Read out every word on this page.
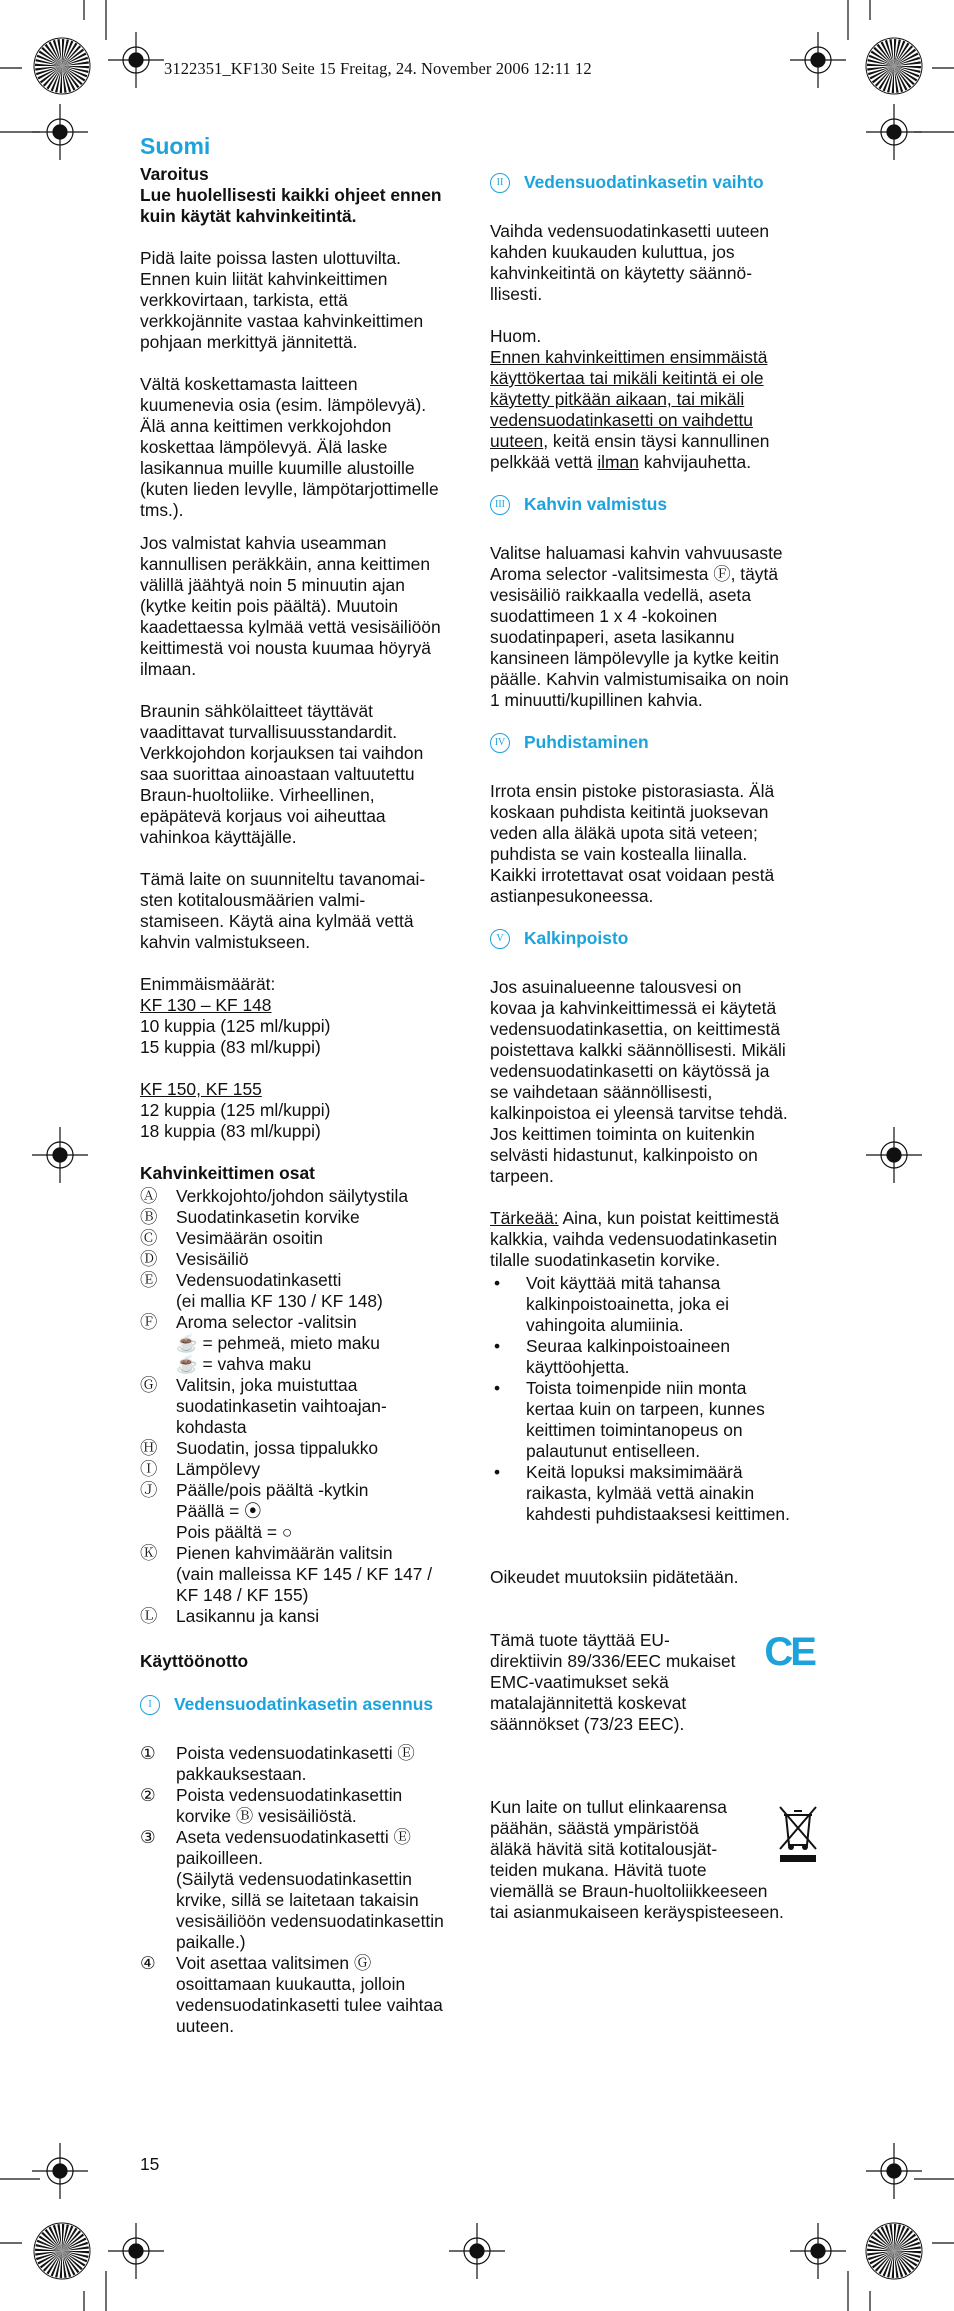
3122351_KF130 Seite 15 Freitag, 24. November 2006 12:11 12
Suomi
Varoitus
Lue huolellisesti kaikki ohjeet ennen
kuin käytät kahvinkeitintä.
Pidä laite poissa lasten ulottuvilta.
Ennen kuin liität kahvinkeittimen
verkkovirtaan, tarkista, että
verkkojännite vastaa kahvinkeittimen
pohjaan merkittyä jännitettä.
Vältä koskettamasta laitteen
kuumenevia osia (esim. lämpölevyä).
Älä anna keittimen verkkojohdon
koskettaa lämpölevyä. Älä laske
lasikannua muille kuumille alustoille
(kuten lieden levylle, lämpötarjottimelle
tms.).
Jos valmistat kahvia useamman
kannullisen peräkkäin, anna keittimen
välillä jäähtyä noin 5 minuutin ajan
(kytke keitin pois päältä). Muutoin
kaadettaessa kylmää vettä vesisäiliöön
keittimestä voi nousta kuumaa höyryä
ilmaan.
Braunin sähkölaitteet täyttävät
vaadittavat turvallisuusstandardit.
Verkkojohdon korjauksen tai vaihdon
saa suorittaa ainoastaan valtuutettu
Braun-huoltoliike. Virheellinen,
epäpätevä korjaus voi aiheuttaa
vahinkoa käyttäjälle.
Tämä laite on suunniteltu tavanomai-
sten kotitalousmäärien valmi-
stamiseen. Käytä aina kylmää vettä
kahvin valmistukseen.
Enimmäismäärät:
KF 130 – KF 148
10 kuppia (125 ml/kuppi)
15 kuppia (83 ml/kuppi)
KF 150, KF 155
12 kuppia (125 ml/kuppi)
18 kuppia (83 ml/kuppi)
Kahvinkeittimen osat
Ⓐ Verkkojohto/johdon säilytystila
Ⓑ Suodatinkasetin korvike
Ⓒ Vesimäärän osoitin
Ⓓ Vesisäiliö
Ⓔ Vedensuodatinkasetti
(ei mallia KF 130 / KF 148)
Ⓕ Aroma selector -valitsin
☕ = pehmeä, mieto maku
☕ = vahva maku
Ⓖ Valitsin, joka muistuttaa
suodatinkasetin vaihtoajan-
kohdasta
Ⓗ Suodatin, jossa tippalukko
Ⓘ Lämpölevy
Ⓙ Päälle/pois päältä -kytkin
Päällä = ⦿
Pois päältä = ○
Ⓚ Pienen kahvimäärän valitsin
(vain malleissa KF 145 / KF 147 /
KF 148 / KF 155)
Ⓛ Lasikannu ja kansi
Käyttöönotto
I	Vedensuodatinkasetin asennus
①	Poista vedensuodatinkasetti Ⓔ
pakkauksestaan.
②	Poista vedensuodatinkasettin
korvike Ⓑ vesisäiliöstä.
③	Aseta vedensuodatinkasetti Ⓔ
paikoilleen.
(Säilytä vedensuodatinkasettin
krvike, sillä se laitetaan takaisin
vesisäiliöön vedensuodatinkasettin
paikalle.)
④	Voit asettaa valitsimen Ⓖ
osoittamaan kuukautta, jolloin
vedensuodatinkasetti tulee vaihtaa
uuteen.
II	Vedensuodatinkasetin vaihto
Vaihda vedensuodatinkasetti uuteen
kahden kuukauden kuluttua, jos
kahvinkeitintä on käytetty säännö-
llisesti.
Huom.
Ennen kahvinkeittimen ensimmäistä
käyttökertaa tai mikäli keitintä ei ole
käytetty pitkään aikaan, tai mikäli
vedensuodatinkasetti on vaihdettu
uuteen, keitä ensin täysi kannullinen
pelkkää vettä ilman kahvijauhetta.
III Kahvin valmistus
Valitse haluamasi kahvin vahvuusaste
Aroma selector -valitsimesta Ⓕ, täytä
vesisäiliö raikkaalla vedellä, aseta
suodattimeen 1 x 4 -kokoinen
suodatinpaperi, aseta lasikannu
kansineen lämpölevylle ja kytke keitin
päälle. Kahvin valmistumisaika on noin
1 minuutti/kupillinen kahvia.
IV Puhdistaminen
Irrota ensin pistoke pistorasiasta. Älä
koskaan puhdista keitintä juoksevan
veden alla äläkä upota sitä veteen;
puhdista se vain kostealla liinalla.
Kaikki irrotettavat osat voidaan pestä
astianpesukoneessa.
V	Kalkinpoisto
Jos asuinalueenne talousvesi on
kovaa ja kahvinkeittimessä ei käytetä
vedensuodatinkasettia, on keittimestä
poistettava kalkki säännöllisesti. Mikäli
vedensuodatinkasetti on käytössä ja
se vaihdetaan säännöllisesti,
kalkinpoistoa ei yleensä tarvitse tehdä.
Jos keittimen toiminta on kuitenkin
selvästi hidastunut, kalkinpoisto on
tarpeen.
Tärkeää: Aina, kun poistat keittimestä
kalkkia, vaihda vedensuodatinkasetin
tilalle suodatinkasetin korvike.
•	Voit käyttää mitä tahansa
kalkinpoistoainetta, joka ei
vahingoita alumiinia.
•	Seuraa kalkinpoistoaineen
käyttöohjetta.
•	Toista toimenpide niin monta
kertaa kuin on tarpeen, kunnes
keittimen toimintanopeus on
palautunut entiselleen.
•	Keitä lopuksi maksimimäärä
raikasta, kylmää vettä ainakin
kahdesti puhdistaaksesi keittimen.
Oikeudet muutoksiin pidätetään.
Tämä tuote täyttää EU-
direktiivin 89/336/EEC mukaiset
EMC-vaatimukset sekä
matalajännitettä koskevat
säännökset (73/23 EEC).
CE
Kun laite on tullut elinkaarensa
päähän, säästä ympäristöä
äläkä hävitä sitä kotitalousjät-
teiden mukana. Hävitä tuote
viemällä se Braun-huoltoliikkeeseen
tai asianmukaiseen keräyspisteeseen.
15
